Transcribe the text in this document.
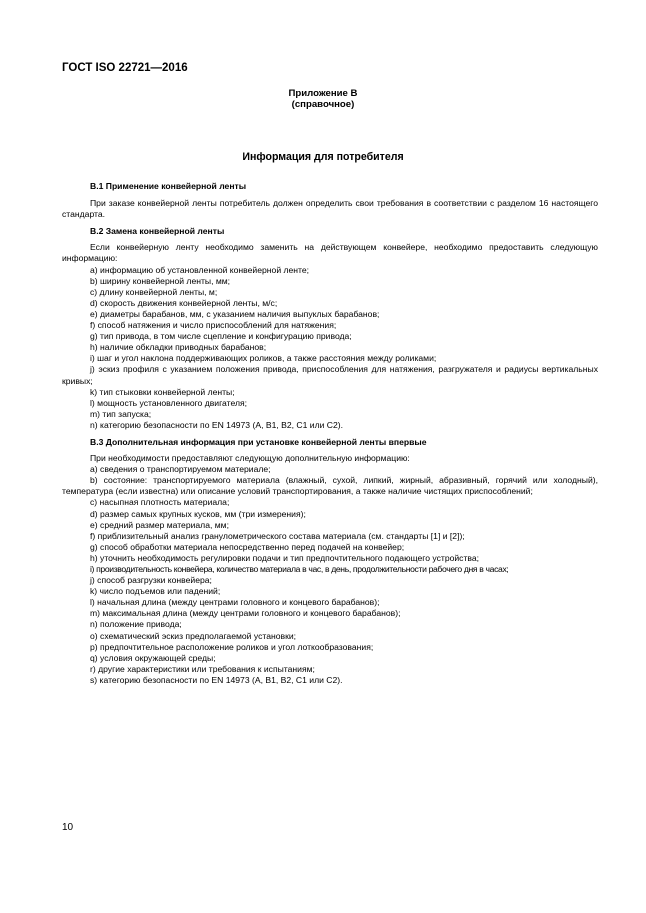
ГОСТ ISO 22721—2016
Приложение В
(справочное)
Информация для потребителя
В.1 Применение конвейерной ленты
При заказе конвейерной ленты потребитель должен определить свои требования в соответствии с разделом 16 настоящего стандарта.
В.2 Замена конвейерной ленты
Если конвейерную ленту необходимо заменить на действующем конвейере, необходимо предоставить следующую информацию:
a) информацию об установленной конвейерной ленте;
b) ширину конвейерной ленты, мм;
c) длину конвейерной ленты, м;
d) скорость движения конвейерной ленты, м/с;
e) диаметры барабанов, мм, с указанием наличия выпуклых барабанов;
f) способ натяжения и число приспособлений для натяжения;
g) тип привода, в том числе сцепление и конфигурацию привода;
h) наличие обкладки приводных барабанов;
i) шаг и угол наклона поддерживающих роликов, а также расстояния между роликами;
j) эскиз профиля с указанием положения привода, приспособления для натяжения, разгружателя и радиусы вертикальных кривых;
k) тип стыковки конвейерной ленты;
l) мощность установленного двигателя;
m) тип запуска;
n) категорию безопасности по EN 14973 (А, В1, В2, С1 или С2).
В.3 Дополнительная информация при установке конвейерной ленты впервые
При необходимости предоставляют следующую дополнительную информацию:
a) сведения о транспортируемом материале;
b) состояние: транспортируемого материала (влажный, сухой, липкий, жирный, абразивный, горячий или холодный), температура (если известна) или описание условий транспортирования, а также наличие чистящих приспособлений;
c) насыпная плотность материала;
d) размер самых крупных кусков, мм (три измерения);
e) средний размер материала, мм;
f) приблизительный анализ гранулометрического состава материала (см. стандарты [1] и [2]);
g) способ обработки материала непосредственно перед подачей на конвейер;
h) уточнить необходимость регулировки подачи и тип предпочтительного подающего устройства;
i) производительность конвейера, количество материала в час, в день, продолжительности рабочего дня в часах;
j) способ разгрузки конвейера;
k) число подъемов или падений;
l) начальная длина (между центрами головного и концевого барабанов);
m) максимальная длина (между центрами головного и концевого барабанов);
n) положение привода;
o) схематический эскиз предполагаемой установки;
p) предпочтительное расположение роликов и угол лоткообразования;
q) условия окружающей среды;
r) другие характеристики или требования к испытаниям;
s) категорию безопасности по EN 14973 (А, В1, В2, С1 или С2).
10
